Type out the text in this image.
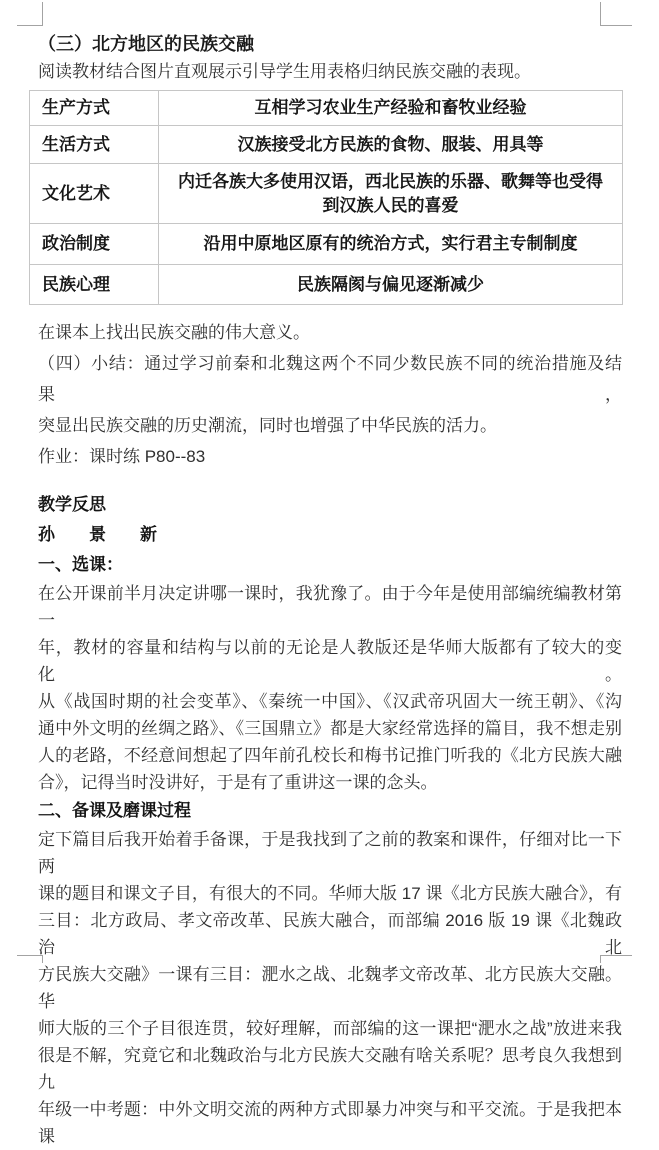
（三）北方地区的民族交融
阅读教材结合图片直观展示引导学生用表格归纳民族交融的表现。
生产方式	互相学习农业生产经验和畜牧业经验
生活方式	汉族接受北方民族的食物、服装、用具等
文化艺术	内迁各族大多使用汉语，西北民族的乐器、歌舞等也受得到汉族人民的喜爱
政治制度	沿用中原地区原有的统治方式，实行君主专制制度
民族心理	民族隔阂与偏见逐渐减少
在课本上找出民族交融的伟大意义。
（四）小结：通过学习前秦和北魏这两个不同少数民族不同的统治措施及结果，
突显出民族交融的历史潮流，同时也增强了中华民族的活力。
作业：课时练 P80--83
教学反思
孙　　景　　新
一、选课：
在公开课前半月决定讲哪一课时，我犹豫了。由于今年是使用部编统编教材第一
年，教材的容量和结构与以前的无论是人教版还是华师大版都有了较大的变化。
从《战国时期的社会变革》、《秦统一中国》、《汉武帝巩固大一统王朝》、《沟
通中外文明的丝绸之路》、《三国鼎立》都是大家经常选择的篇目，我不想走别
人的老路，不经意间想起了四年前孔校长和梅书记推门听我的《北方民族大融
合》，记得当时没讲好，于是有了重讲这一课的念头。
二、备课及磨课过程
定下篇目后我开始着手备课，于是我找到了之前的教案和课件，仔细对比一下两
课的题目和课文子目，有很大的不同。华师大版 17 课《北方民族大融合》，有
三目：北方政局、孝文帝改革、民族大融合，而部编 2016 版 19 课《北魏政治北
方民族大交融》一课有三目：淝水之战、北魏孝文帝改革、北方民族大交融。华
师大版的三个子目很连贯，较好理解，而部编的这一课把“淝水之战”放进来我
很是不解，究竟它和北魏政治与北方民族大交融有啥关系呢？思考良久我想到九
年级一中考题：中外文明交流的两种方式即暴力冲突与和平交流。于是我把本课
